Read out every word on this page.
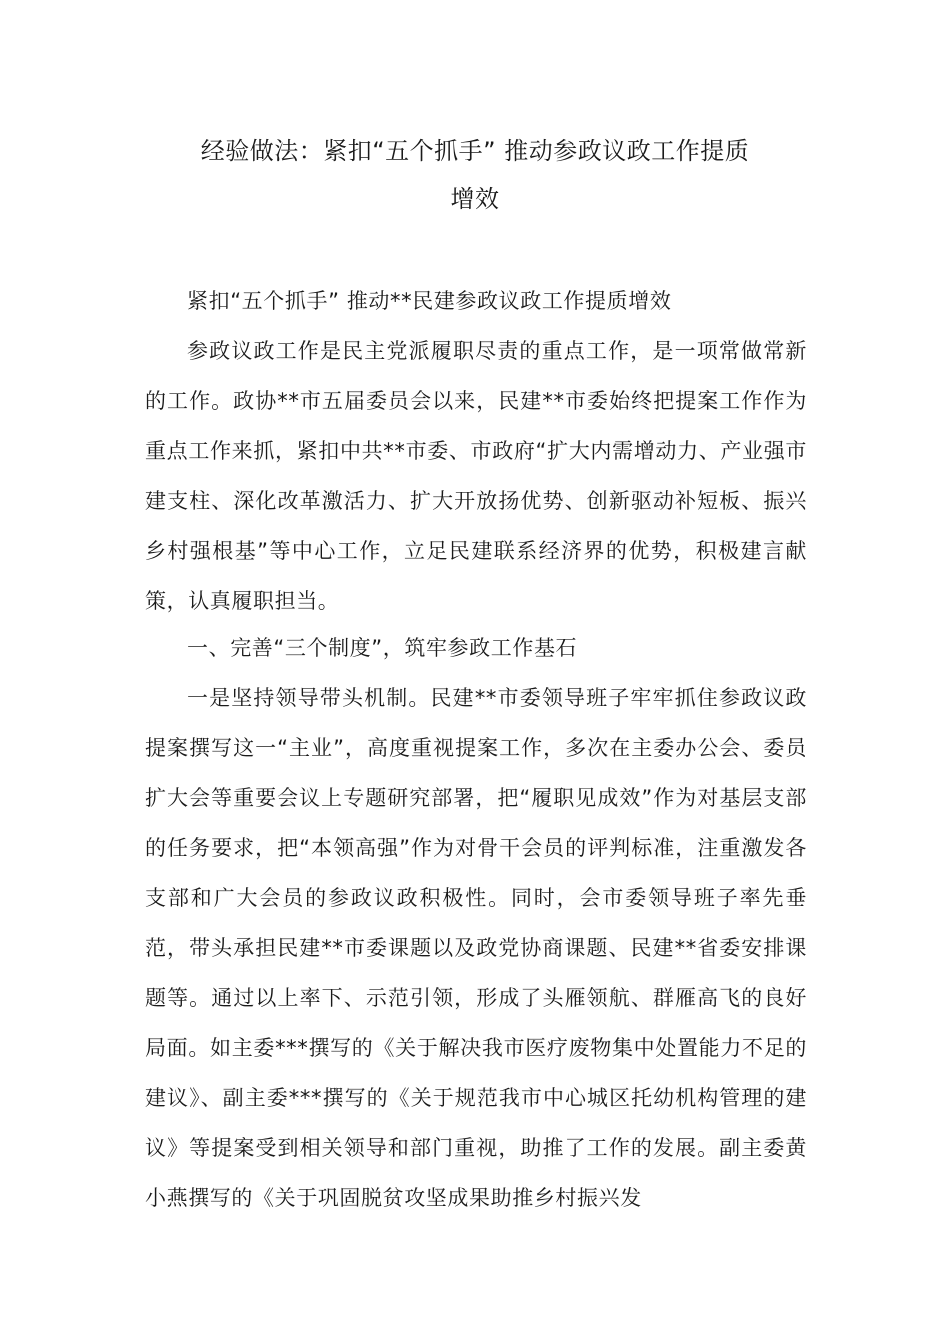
经验做法：紧扣“五个抓手” 推动参政议政工作提质
增效

紧扣“五个抓手” 推动**民建参政议政工作提质增效

参政议政工作是民主党派履职尽责的重点工作，是一项常做常新的工作。政协**市五届委员会以来，民建**市委始终把提案工作作为重点工作来抓，紧扣中共**市委、市政府“扩大内需增动力、产业强市建支柱、深化改革激活力、扩大开放扬优势、创新驱动补短板、振兴乡村强根基”等中心工作，立足民建联系经济界的优势，积极建言献策，认真履职担当。

一、完善“三个制度”，筑牢参政工作基石

一是坚持领导带头机制。民建**市委领导班子牢牢抓住参政议政提案撰写这一“主业”，高度重视提案工作，多次在主委办公会、委员扩大会等重要会议上专题研究部署，把“履职见成效”作为对基层支部的任务要求，把“本领高强”作为对骨干会员的评判标准，注重激发各支部和广大会员的参政议政积极性。同时，会市委领导班子率先垂范，带头承担民建**市委课题以及政党协商课题、民建**省委安排课题等。通过以上率下、示范引领，形成了头雁领航、群雁高飞的良好局面。如主委***撰写的《关于解决我市医疗废物集中处置能力不足的建议》、副主委***撰写的《关于规范我市中心城区托幼机构管理的建议》等提案受到相关领导和部门重视，助推了工作的发展。副主委黄小燕撰写的《关于巩固脱贫攻坚成果助推乡村振兴发
